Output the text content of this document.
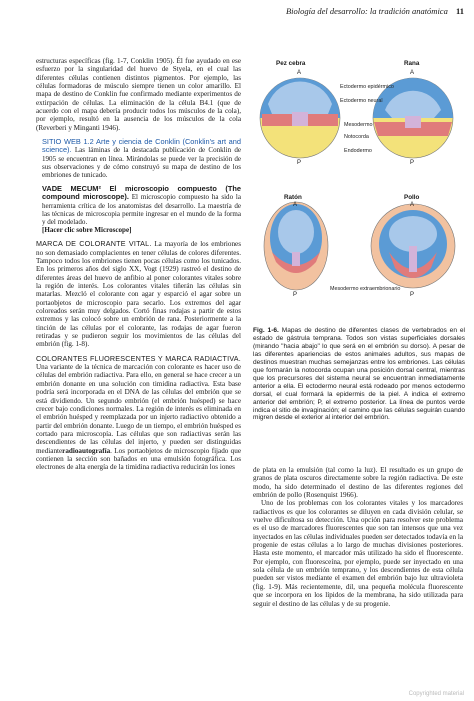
Biología del desarrollo: la tradición anatómica 11

estructuras específicas (fig. 1-7, Conklin 1905). Él fue ayudado en ese esfuerzo por la singularidad del huevo de Styela, en el cual las diferentes células contienen distintos pigmentos. Por ejemplo, las células formadoras de músculo siempre tienen un color amarillo. El mapa de destino de Conklin fue confirmado mediante experimentos de extirpación de células. La eliminación de la célula B4.1 (que de acuerdo con el mapa debería producir todos los músculos de la cola), por ejemplo, resultó en la ausencia de los músculos de la cola (Reverberi y Minganti 1946).

SITIO WEB 1.2 Arte y ciencia de Conklin (Conklin's art and science). Las láminas de la destacada publicación de Conklin de 1905 se encuentran en línea. Mirándolas se puede ver la precisión de sus observaciones y de cómo construyó su mapa de destino de los embriones de tunicado.
VADE MECUM² El microscopio compuesto (The compound microscope). El microscopio compuesto ha sido la herramienta crítica de los anatomistas del desarrollo. La maestría de las técnicas de microscopia permite ingresar en el mundo de la forma y del modelado.
[Hacer clic sobre Microscope]
MARCA DE COLORANTE VITAL. La mayoría de los embriones no son demasiado complacientes en tener células de colores diferentes. Tampoco todos los embriones tienen pocas células como los tunicados. En los primeros años del siglo XX, Vogt (1929) rastreó el destino de diferentes áreas del huevo de anfibio al poner colorantes vitales sobre la región de interés. Los colorantes vitales tiñerán las células sin matarlas. Mezcló el colorante con agar y esparció el agar sobre un portaobjetos de microscopio para secarlo. Los extremos del agar coloreados serán muy delgados. Cortó finas rodajas a partir de estos extremos y las colocó sobre un embrión de rana. Posteriormente a la tinción de las células por el colorante, las rodajas de agar fueron retiradas y se pudieron seguir los movimientos de las células del embrión (fig. 1-8).
COLORANTES FLUORESCENTES Y MARCA RADIACTIVA. Una variante de la técnica de marcación con colorante es hacer uso de células del embrión radiactiva. Para ello, en general se hace crecer a un embrión donante en una solución con timidina radiactiva. Esta base podría será incorporada en el DNA de las células del embrión que se está dividiendo. Un segundo embrión (el embrión huésped) se hace crecer bajo condiciones normales. La región de interés es eliminada en el embrión huésped y reemplazada por un injerto radiactivo obtenido a partir del embrión donante. Luego de un tiempo, el embrión huésped es cortado para microscopía. Las células que son radiactivas serán las descendientes de las células del injerto, y pueden ser distinguidas medianteradioautografía. Los portaobjetos de microscopio fijado que contienen la sección son bañados en una emulsión fotográfica. Los electrones de alta energía de la timidina radiactiva reducirán los iones
Pez cebra	Rana
Ratón	Pollo
A
P
A
P
A
P
A
P
Ectodermo epidérmico
Ectodermo neural
Mesodermo
Notocorda
Endodermo
Mesodermo extraembrionario
Fig. 1-6. Mapas de destino de diferentes clases de vertebrados en el estado de gástrula temprana. Todos son vistas superficiales dorsales (mirando "hacia abajo" lo que será en el embrión su dorso). A pesar de las diferentes apariencias de estos animales adultos, sus mapas de destinos muestran muchas semejanzas entre los embriones. Las células que formarán la notocorda ocupan una posición dorsal central, mientras que los precursores del sistema neural se encuentran inmediatamente anterior a ella. El ectodermo neural está rodeado por menos ectodermo dorsal, el cual formará la epidermis de la piel. A indica el extremo anterior del embrión; P, el extremo posterior. La línea de puntos verde indica el sitio de invaginación; el camino que las células seguirán cuando migren desde el exterior al interior del embrión.

de plata en la emulsión (tal como la luz). El resultado es un grupo de granos de plata oscuros directamente sobre la región radiactiva. De este modo, ha sido determinado el destino de las diferentes regiones del embrión de pollo (Rosenquist 1966).

Uno de los problemas con los colorantes vitales y los marcadores radiactivos es que los colorantes se diluyen en cada división celular, se vuelve dificultosa su detección. Una opción para resolver este problema es el uso de marcadores fluorescentes que son tan intensos que una vez inyectados en las células individuales pueden ser detectados todavía en la progenie de estas células a lo largo de muchas divisiones posteriores. Hasta este momento, el marcador más utilizado ha sido el fluorescente. Por ejemplo, con fluoresceína, por ejemplo, puede ser inyectado en una sola célula de un embrión temprano, y los descendientes de esta célula pueden ser vistos mediante el examen del embrión bajo luz ultravioleta (fig. 1-9). Más recientemente, dil, una pequeña molécula fluorescente que se incorpora en los lípidos de la membrana, ha sido utilizada para seguir el destino de las células y de su progenie.

Copyrighted material
